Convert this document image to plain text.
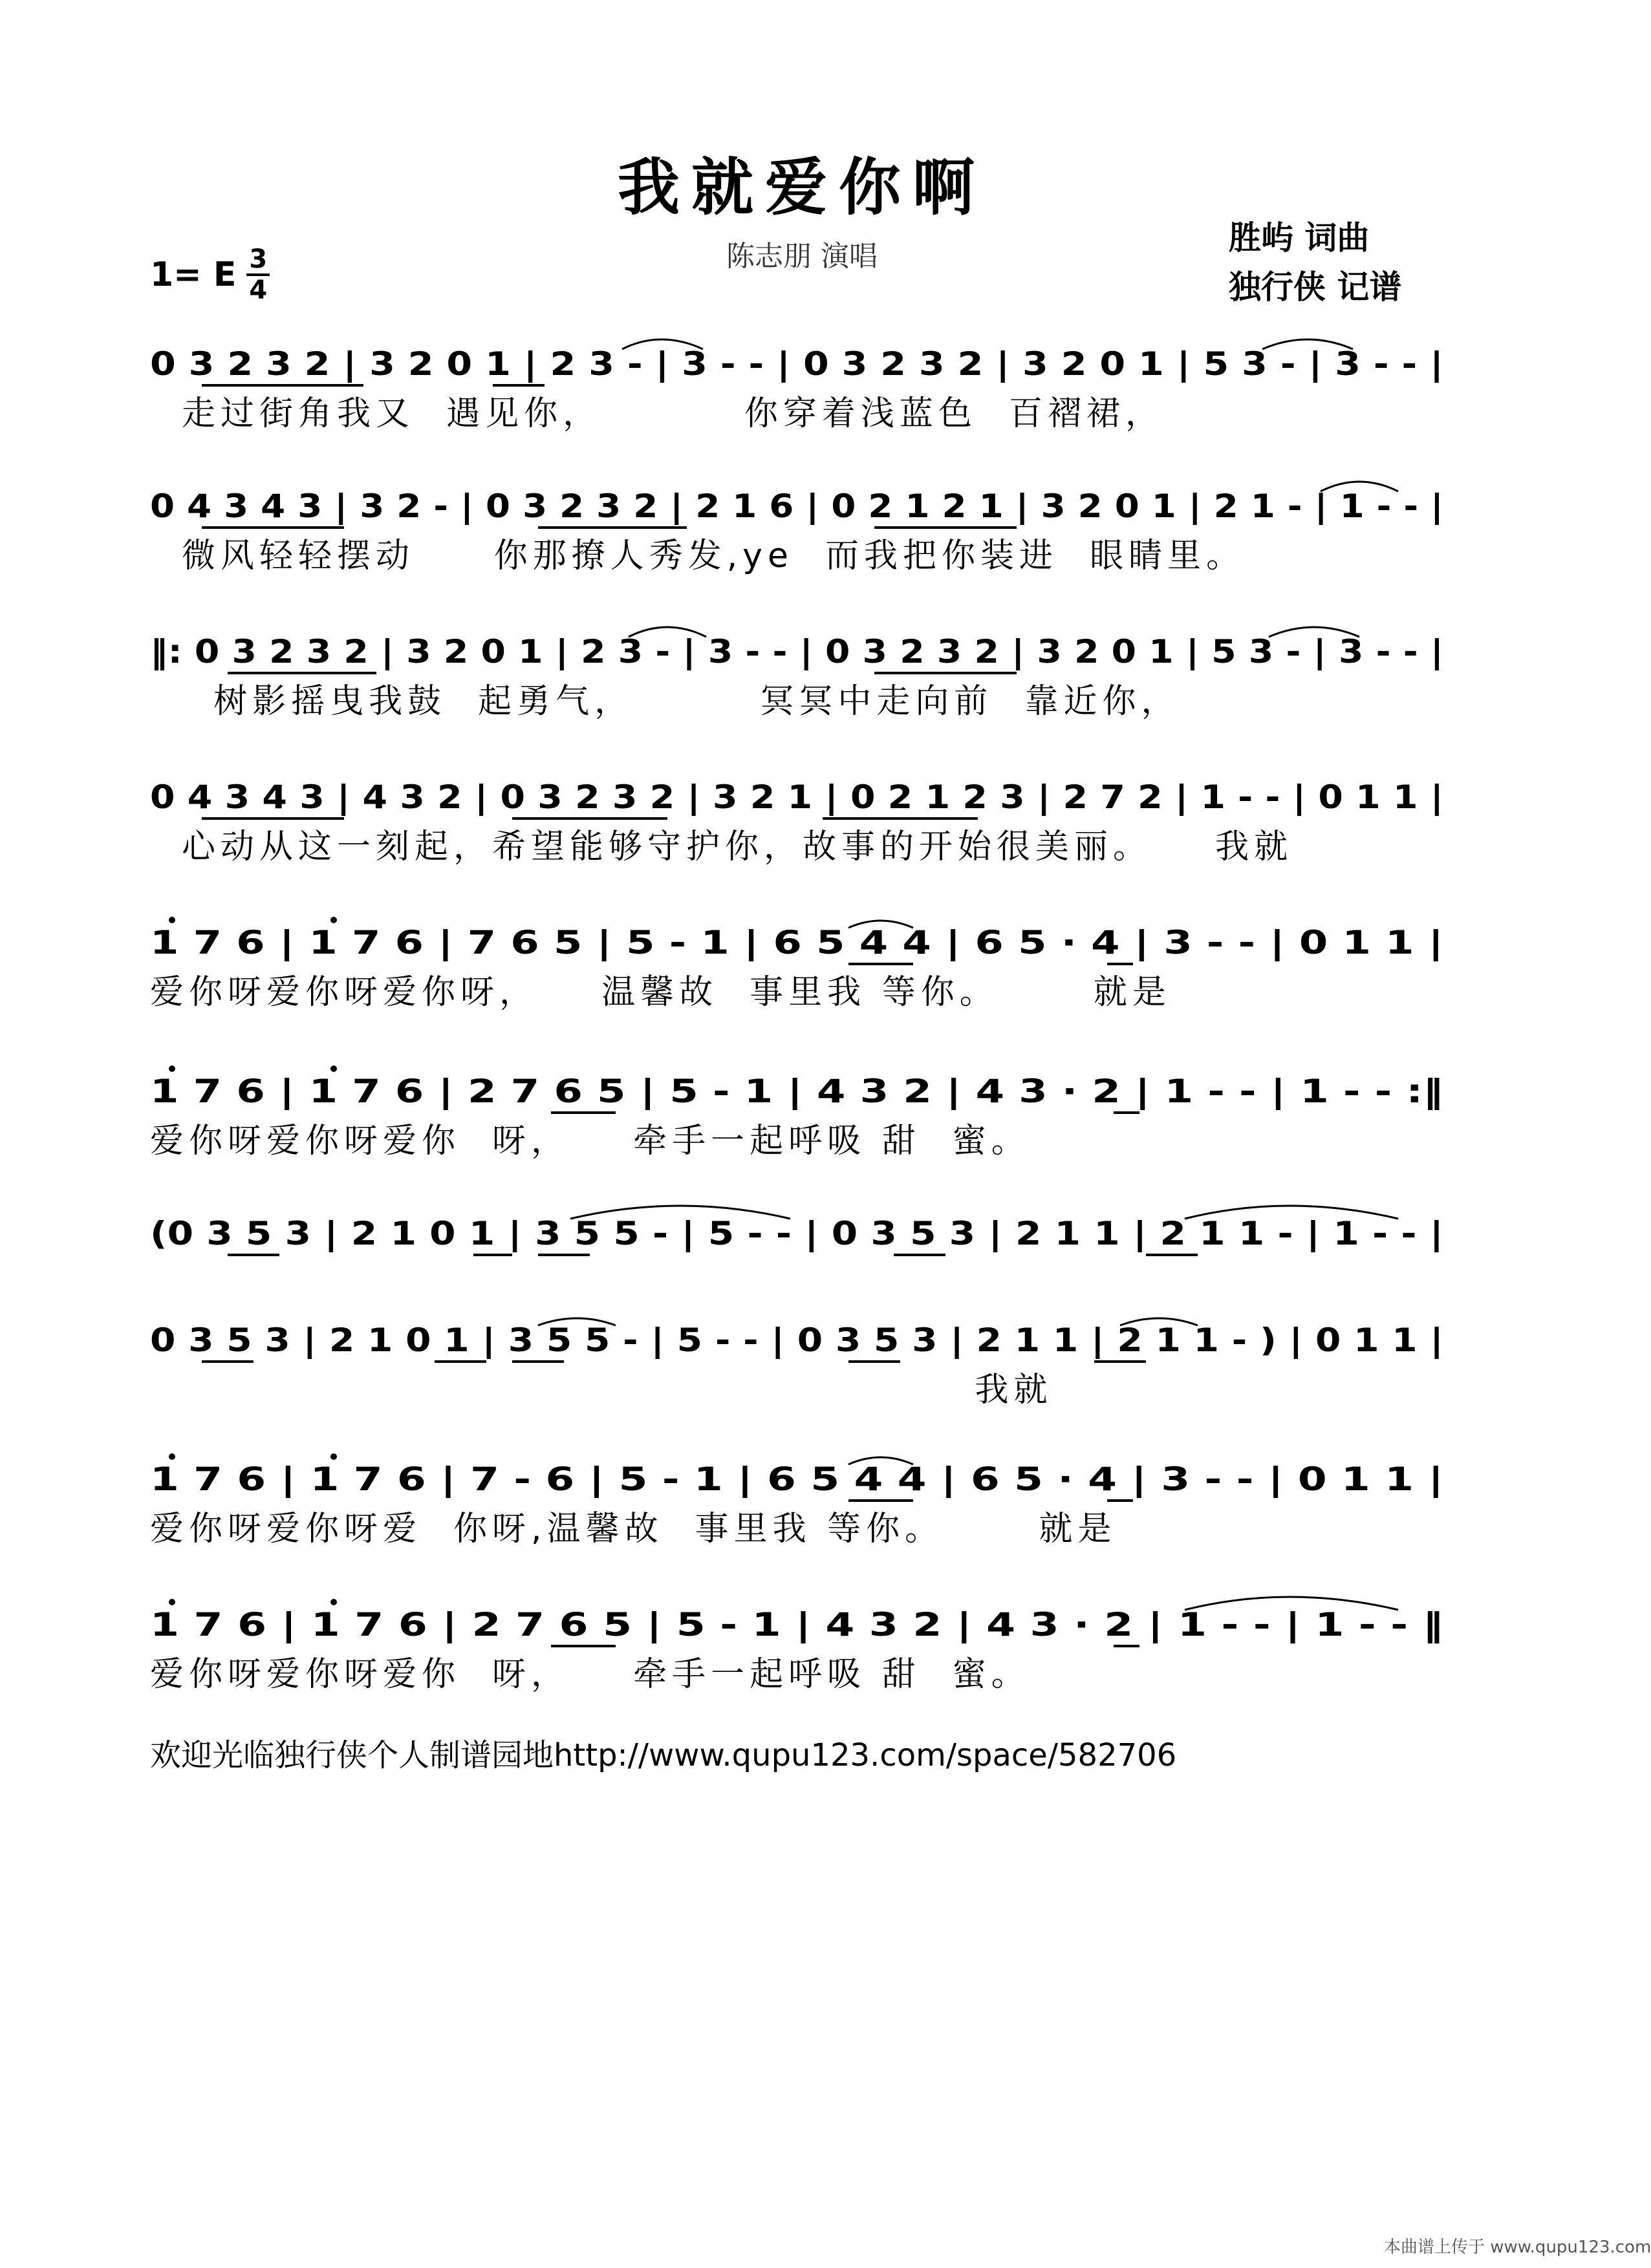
我就爱你啊
陈志朋 演唱	胜屿 词曲
独行侠 记谱
1= E $\frac{3}{4}$
0 3 2 3 2 | 3 2 0 1 | 2 3 - | 3 - - | 0 3 2 3 2 | 3 2 0 1 | 5 3 - | 3 - - |
走过街角我又  遇见你，         你穿着浅蓝色  百褶裙，
0 4 3 4 3 | 3 2 - | 0 3 2 3 2 | 2 1 6 | 0 2 1 2 1 | 3 2 0 1 | 2 1 - | 1 - - |
微风轻轻摆动     你那撩人秀发,ye  而我把你装进  眼睛里。
‖: 0 3 2 3 2 | 3 2 0 1 | 2 3 - | 3 - - | 0 3 2 3 2 | 3 2 0 1 | 5 3 - | 3 - - |
树影摇曳我鼓  起勇气，        冥冥中走向前  靠近你，
0 4 3 4 3 | 4 3 2 | 0 3 2 3 2 | 3 2 1 | 0 2 1 2 3 | 2 7 2 | 1 - - | 0 1 1 |
心动从这一刻起，希望能够守护你，故事的开始很美丽。    我就
1 7 6 | 1 7 6 | 7 6 5 | 5 - 1 | 6 5 4 4 | 6 5 · 4 | 3 - - | 0 1 1 |
爱你呀爱你呀爱你呀，    温馨故  事里我 等你。      就是
1 7 6 | 1 7 6 | 2 7 6 5 | 5 - 1 | 4 3 2 | 4 3 · 2 | 1 - - | 1 - - :‖
爱你呀爱你呀爱你  呀，    牵手一起呼吸 甜  蜜。
(0 3 5 3 | 2 1 0 1 | 3 5 5 - | 5 - - | 0 3 5 3 | 2 1 1 | 2 1 1 - | 1 - - |
0 3 5 3 | 2 1 0 1 | 3 5 5 - | 5 - - | 0 3 5 3 | 2 1 1 | 2 1 1 - ) | 0 1 1 |
我就
1 7 6 | 1 7 6 | 7 - 6 | 5 - 1 | 6 5 4 4 | 6 5 · 4 | 3 - - | 0 1 1 |
爱你呀爱你呀爱  你呀,温馨故  事里我 等你。      就是
1 7 6 | 1 7 6 | 2 7 6 5 | 5 - 1 | 4 3 2 | 4 3 · 2 | 1 - - | 1 - - ‖
爱你呀爱你呀爱你  呀，    牵手一起呼吸 甜  蜜。
欢迎光临独行侠个人制谱园地http://www.qupu123.com/space/582706
本曲谱上传于 www.qupu123.com
